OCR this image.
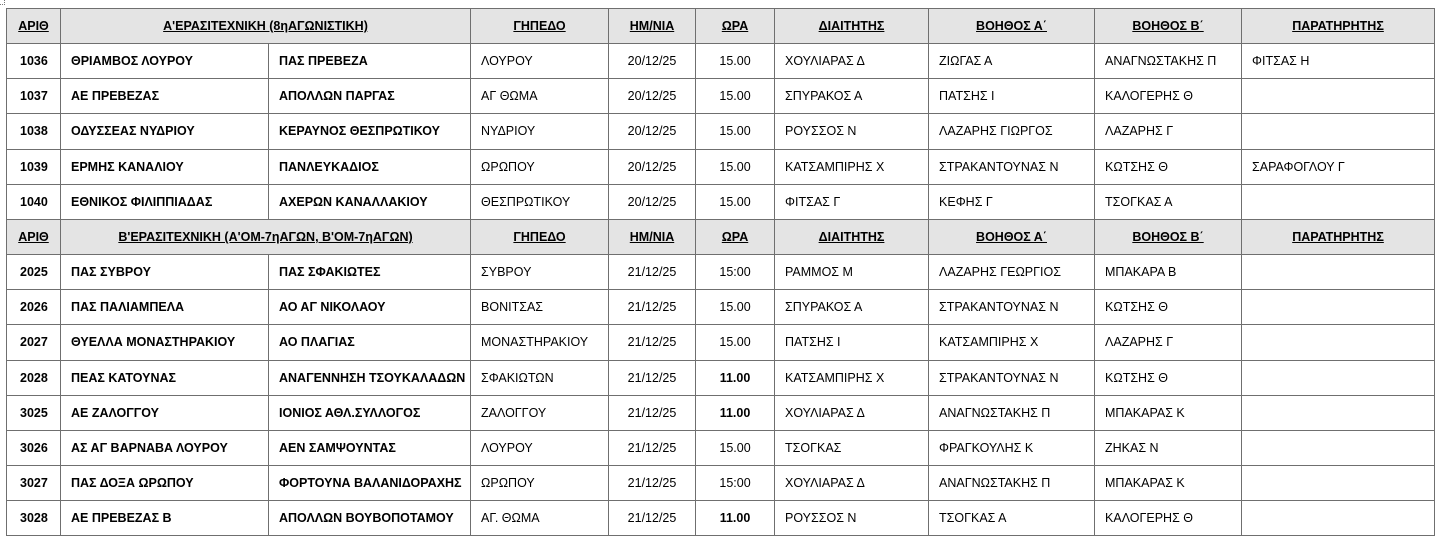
ΑΡΙΘ	Α'ΕΡΑΣΙΤΕΧΝΙΚΗ (8ηΑΓΩΝΙΣΤΙΚΗ)		ΓΗΠΕΔΟ	ΗΜ/ΝΙΑ	ΩΡΑ	ΔΙΑΙΤΗΤΗΣ	ΒΟΗΘΟΣ Α΄	ΒΟΗΘΟΣ Β΄	ΠΑΡΑΤΗΡΗΤΗΣ
1036	ΘΡΙΑΜΒΟΣ ΛΟΥΡΟΥ	ΠΑΣ ΠΡΕΒΕΖΑ	ΛΟΥΡΟΥ	20/12/25	15.00	ΧΟΥΛΙΑΡΑΣ Δ	ΖΙΩΓΑΣ Α	ΑΝΑΓΝΩΣΤΑΚΗΣ Π	ΦΙΤΣΑΣ Η
1037	ΑΕ ΠΡΕΒΕΖΑΣ	ΑΠΟΛΛΩΝ ΠΑΡΓΑΣ	ΑΓ ΘΩΜΑ	20/12/25	15.00	ΣΠΥΡΑΚΟΣ Α	ΠΑΤΣΗΣ Ι	ΚΑΛΟΓΕΡΗΣ Θ	
1038	ΟΔΥΣΣΕΑΣ ΝΥΔΡΙΟΥ	ΚΕΡΑΥΝΟΣ ΘΕΣΠΡΩΤΙΚΟΥ	ΝΥΔΡΙΟΥ	20/12/25	15.00	ΡΟΥΣΣΟΣ Ν	ΛΑΖΑΡΗΣ ΓΙΩΡΓΟΣ	ΛΑΖΑΡΗΣ Γ	
1039	ΕΡΜΗΣ ΚΑΝΑΛΙΟΥ	ΠΑΝΛΕΥΚΑΔΙΟΣ	ΩΡΩΠΟΥ	20/12/25	15.00	ΚΑΤΣΑΜΠΙΡΗΣ Χ	ΣΤΡΑΚΑΝΤΟΥΝΑΣ Ν	ΚΩΤΣΗΣ Θ	ΣΑΡΑΦΟΓΛΟΥ Γ
1040	ΕΘΝΙΚΟΣ ΦΙΛΙΠΠΙΑΔΑΣ	ΑΧΕΡΩΝ ΚΑΝΑΛΛΑΚΙΟΥ	ΘΕΣΠΡΩΤΙΚΟΥ	20/12/25	15.00	ΦΙΤΣΑΣ Γ	ΚΕΦΗΣ Γ	ΤΣΟΓΚΑΣ Α	
ΑΡΙΘ	Β'ΕΡΑΣΙΤΕΧΝΙΚΗ (Α'ΟΜ-7ηΑΓΩΝ, Β'ΟΜ-7ηΑΓΩΝ)		ΓΗΠΕΔΟ	ΗΜ/ΝΙΑ	ΩΡΑ	ΔΙΑΙΤΗΤΗΣ	ΒΟΗΘΟΣ Α΄	ΒΟΗΘΟΣ Β΄	ΠΑΡΑΤΗΡΗΤΗΣ
2025	ΠΑΣ ΣΥΒΡΟΥ	ΠΑΣ ΣΦΑΚΙΩΤΕΣ	ΣΥΒΡΟΥ	21/12/25	15:00	ΡΑΜΜΟΣ Μ	ΛΑΖΑΡΗΣ ΓΕΩΡΓΙΟΣ	ΜΠΑΚΑΡΑ Β	
2026	ΠΑΣ ΠΑΛΙΑΜΠΕΛΑ	ΑΟ ΑΓ ΝΙΚΟΛΑΟΥ	ΒΟΝΙΤΣΑΣ	21/12/25	15.00	ΣΠΥΡΑΚΟΣ Α	ΣΤΡΑΚΑΝΤΟΥΝΑΣ Ν	ΚΩΤΣΗΣ Θ	
2027	ΘΥΕΛΛΑ ΜΟΝΑΣΤΗΡΑΚΙΟΥ	ΑΟ ΠΛΑΓΙΑΣ	ΜΟΝΑΣΤΗΡΑΚΙΟΥ	21/12/25	15.00	ΠΑΤΣΗΣ Ι	ΚΑΤΣΑΜΠΙΡΗΣ Χ	ΛΑΖΑΡΗΣ Γ	
2028	ΠΕΑΣ ΚΑΤΟΥΝΑΣ	ΑΝΑΓΕΝΝΗΣΗ ΤΣΟΥΚΑΛΑΔΩΝ	ΣΦΑΚΙΩΤΩΝ	21/12/25	11.00	ΚΑΤΣΑΜΠΙΡΗΣ Χ	ΣΤΡΑΚΑΝΤΟΥΝΑΣ Ν	ΚΩΤΣΗΣ Θ	
3025	ΑΕ ΖΑΛΟΓΓΟΥ	ΙΟΝΙΟΣ ΑΘΛ.ΣΥΛΛΟΓΟΣ	ΖΑΛΟΓΓΟΥ	21/12/25	11.00	ΧΟΥΛΙΑΡΑΣ Δ	ΑΝΑΓΝΩΣΤΑΚΗΣ Π	ΜΠΑΚΑΡΑΣ Κ	
3026	ΑΣ ΑΓ ΒΑΡΝΑΒΑ ΛΟΥΡΟΥ	ΑΕΝ ΣΑΜΨΟΥΝΤΑΣ	ΛΟΥΡΟΥ	21/12/25	15.00	ΤΣΟΓΚΑΣ	ΦΡΑΓΚΟΥΛΗΣ Κ	ΖΗΚΑΣ Ν	
3027	ΠΑΣ ΔΟΞΑ ΩΡΩΠΟΥ	ΦΟΡΤΟΥΝΑ ΒΑΛΑΝΙΔΟΡΑΧΗΣ	ΩΡΩΠΟΥ	21/12/25	15:00	ΧΟΥΛΙΑΡΑΣ Δ	ΑΝΑΓΝΩΣΤΑΚΗΣ Π	ΜΠΑΚΑΡΑΣ Κ	
3028	ΑΕ ΠΡΕΒΕΖΑΣ Β	ΑΠΟΛΛΩΝ ΒΟΥΒΟΠΟΤΑΜΟΥ	ΑΓ. ΘΩΜΑ	21/12/25	11.00	ΡΟΥΣΣΟΣ Ν	ΤΣΟΓΚΑΣ Α	ΚΑΛΟΓΕΡΗΣ Θ	
